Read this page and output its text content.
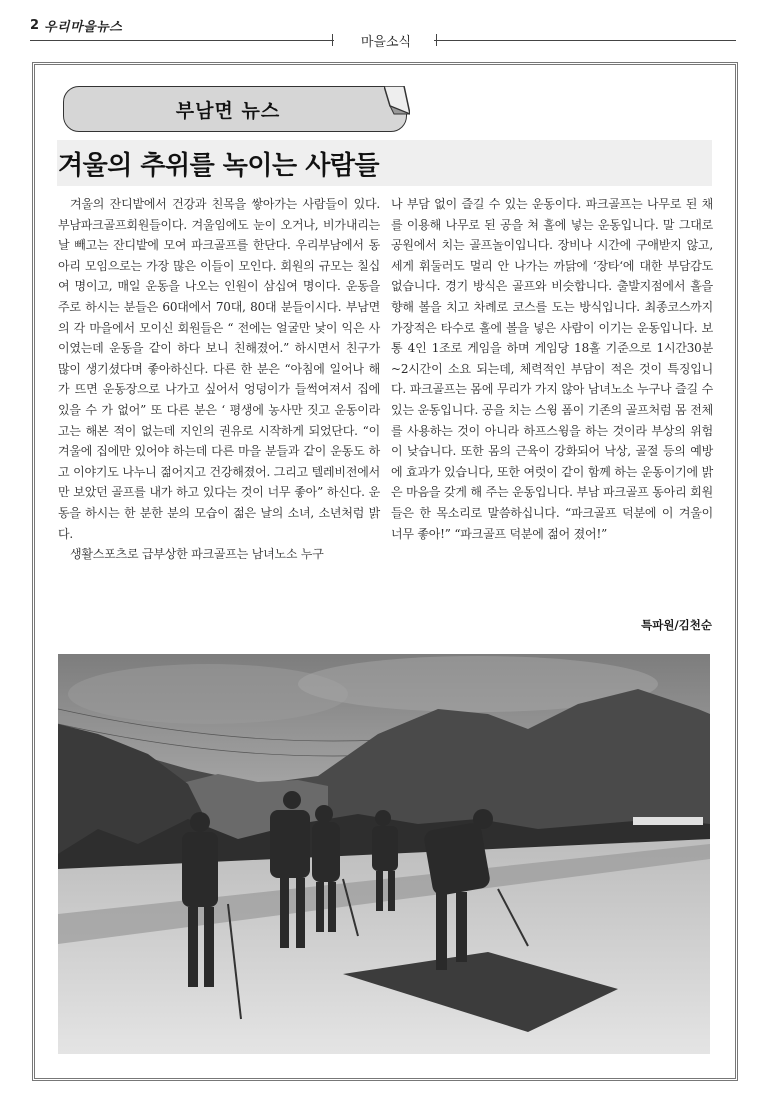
2 우리마을뉴스
마을소식
부남면 뉴스
겨울의 추위를 녹이는 사람들

겨울의 잔디밭에서 건강과 친목을 쌓아가는 사람들이 있다. 부남파크골프회원들이다. 겨울임에도 눈이 오거나, 비가내리는 날 빼고는 잔디밭에 모여 파크골프를 한단다. 우리부남에서 동아리 모임으로는 가장 많은 이들이 모인다. 회원의 규모는 칠십여 명이고, 매일 운동을 나오는 인원이 삼십여 명이다. 운동을 주로 하시는 분들은 60대에서 70대, 80대 분들이시다. 부남면의 각 마을에서 모이신 회원들은 “ 전에는 얼굴만 낯이 익은 사이였는데 운동을 같이 하다 보니 친해졌어.” 하시면서 친구가 많이 생기셨다며 좋아하신다. 다른 한 분은 “아침에 일어나 해가 뜨면 운동장으로 나가고 싶어서 엉덩이가 들썩여져서 집에 있을 수 가 없어” 또 다른 분은 ‘ 평생에 농사만 짓고 운동이라고는 해본 적이 없는데 지인의 권유로 시작하게 되었단다. “이 겨울에 집에만 있어야 하는데 다른 마을 분들과 같이 운동도 하고 이야기도 나누니 젊어지고 건강해졌어. 그리고 텔레비전에서만 보았던 골프를 내가 하고 있다는 것이 너무 좋아” 하신다. 운동을 하시는 한 분한 분의 모습이 젊은 날의 소녀, 소년처럼 밝다.

생활스포츠로 급부상한 파크골프는 남녀노소 누구

나 부담 없이 즐길 수 있는 운동이다. 파크골프는 나무로 된 채를 이용해 나무로 된 공을 쳐 홀에 넣는 운동입니다. 말 그대로 공원에서 치는 골프놀이입니다. 장비나 시간에 구애받지 않고, 세게 휘둘러도 멀리 안 나가는 까닭에 ‘장타‘에 대한 부담감도 없습니다. 경기 방식은 골프와 비슷합니다. 출발지점에서 홀을 향해 볼을 치고 차례로 코스를 도는 방식입니다. 최종코스까지 가장적은 타수로 홀에 볼을 넣은 사람이 이기는 운동입니다. 보통 4인 1조로 게임을 하며 게임당 18홀 기준으로 1시간30분~2시간이 소요 되는데, 체력적인 부담이 적은 것이 특징입니다. 파크골프는 몸에 무리가 가지 않아 남녀노소 누구나 즐길 수 있는 운동입니다. 공을 치는 스윙 폼이 기존의 골프처럼 몸 전체를 사용하는 것이 아니라 하프스윙을 하는 것이라 부상의 위험이 낮습니다. 또한 몸의 근육이 강화되어 낙상, 골절 등의 예방에 효과가 있습니다, 또한 여럿이 같이 함께 하는 운동이기에 밝은 마음을 갖게 해 주는 운동입니다. 부남 파크골프 동아리 회원들은 한 목소리로 말씀하십니다. “파크골프 덕분에 이 겨울이 너무 좋아!” “파크골프 덕분에 젊어 졌어!”

특파원/김천순
